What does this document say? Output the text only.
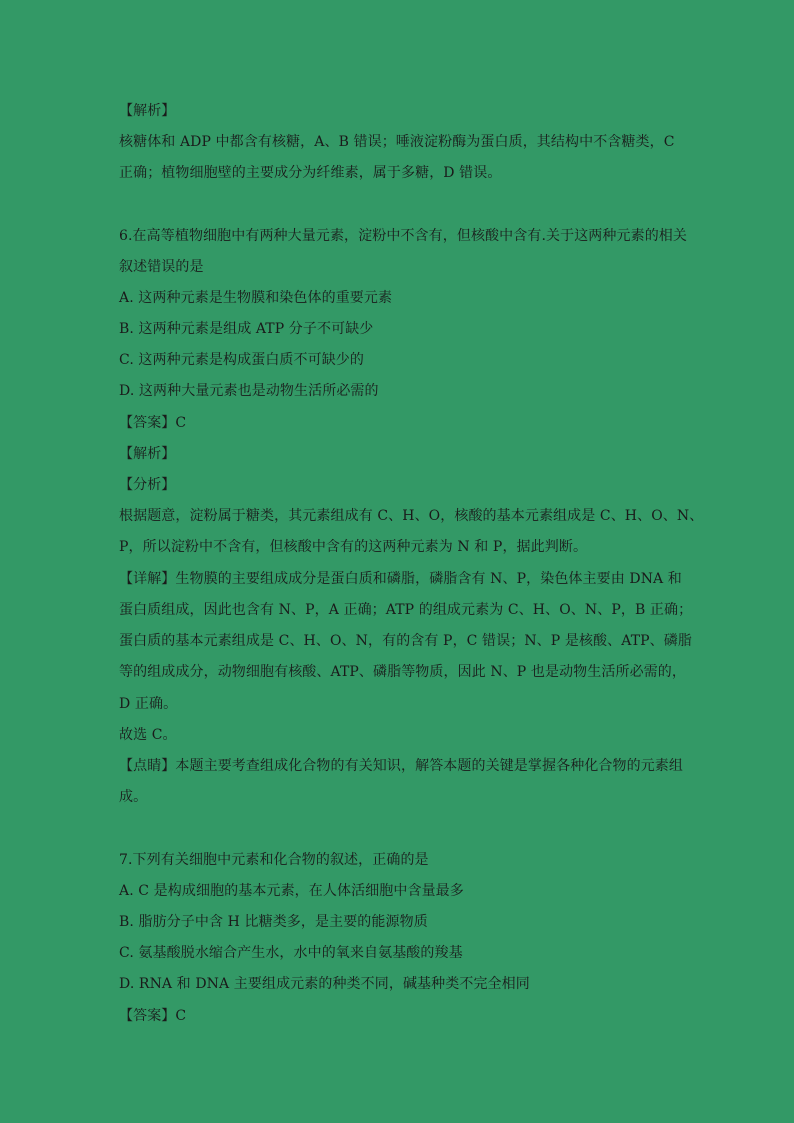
【解析】
核糖体和 ADP 中都含有核糖，A、B 错误；唾液淀粉酶为蛋白质，其结构中不含糖类，C
正确；植物细胞壁的主要成分为纤维素，属于多糖，D 错误。
6.在高等植物细胞中有两种大量元素，淀粉中不含有，但核酸中含有.关于这两种元素的相关
叙述错误的是
A. 这两种元素是生物膜和染色体的重要元素
B. 这两种元素是组成 ATP 分子不可缺少
C. 这两种元素是构成蛋白质不可缺少的
D. 这两种大量元素也是动物生活所必需的
【答案】C
【解析】
【分析】
根据题意，淀粉属于糖类，其元素组成有 C、H、O，核酸的基本元素组成是 C、H、O、N、
P，所以淀粉中不含有，但核酸中含有的这两种元素为 N 和 P，据此判断。
【详解】生物膜的主要组成成分是蛋白质和磷脂，磷脂含有 N、P，染色体主要由 DNA 和
蛋白质组成，因此也含有 N、P，A 正确；ATP 的组成元素为 C、H、O、N、P，B 正确；
蛋白质的基本元素组成是 C、H、O、N，有的含有 P，C 错误；N、P 是核酸、ATP、磷脂
等的组成成分，动物细胞有核酸、ATP、磷脂等物质，因此 N、P 也是动物生活所必需的，
D 正确。
故选 C。
【点睛】本题主要考查组成化合物的有关知识，解答本题的关键是掌握各种化合物的元素组
成。
7.下列有关细胞中元素和化合物的叙述，正确的是
A. C 是构成细胞的基本元素，在人体活细胞中含量最多
B. 脂肪分子中含 H 比糖类多，是主要的能源物质
C. 氨基酸脱水缩合产生水，水中的氧来自氨基酸的羧基
D. RNA 和 DNA 主要组成元素的种类不同，碱基种类不完全相同
【答案】C
